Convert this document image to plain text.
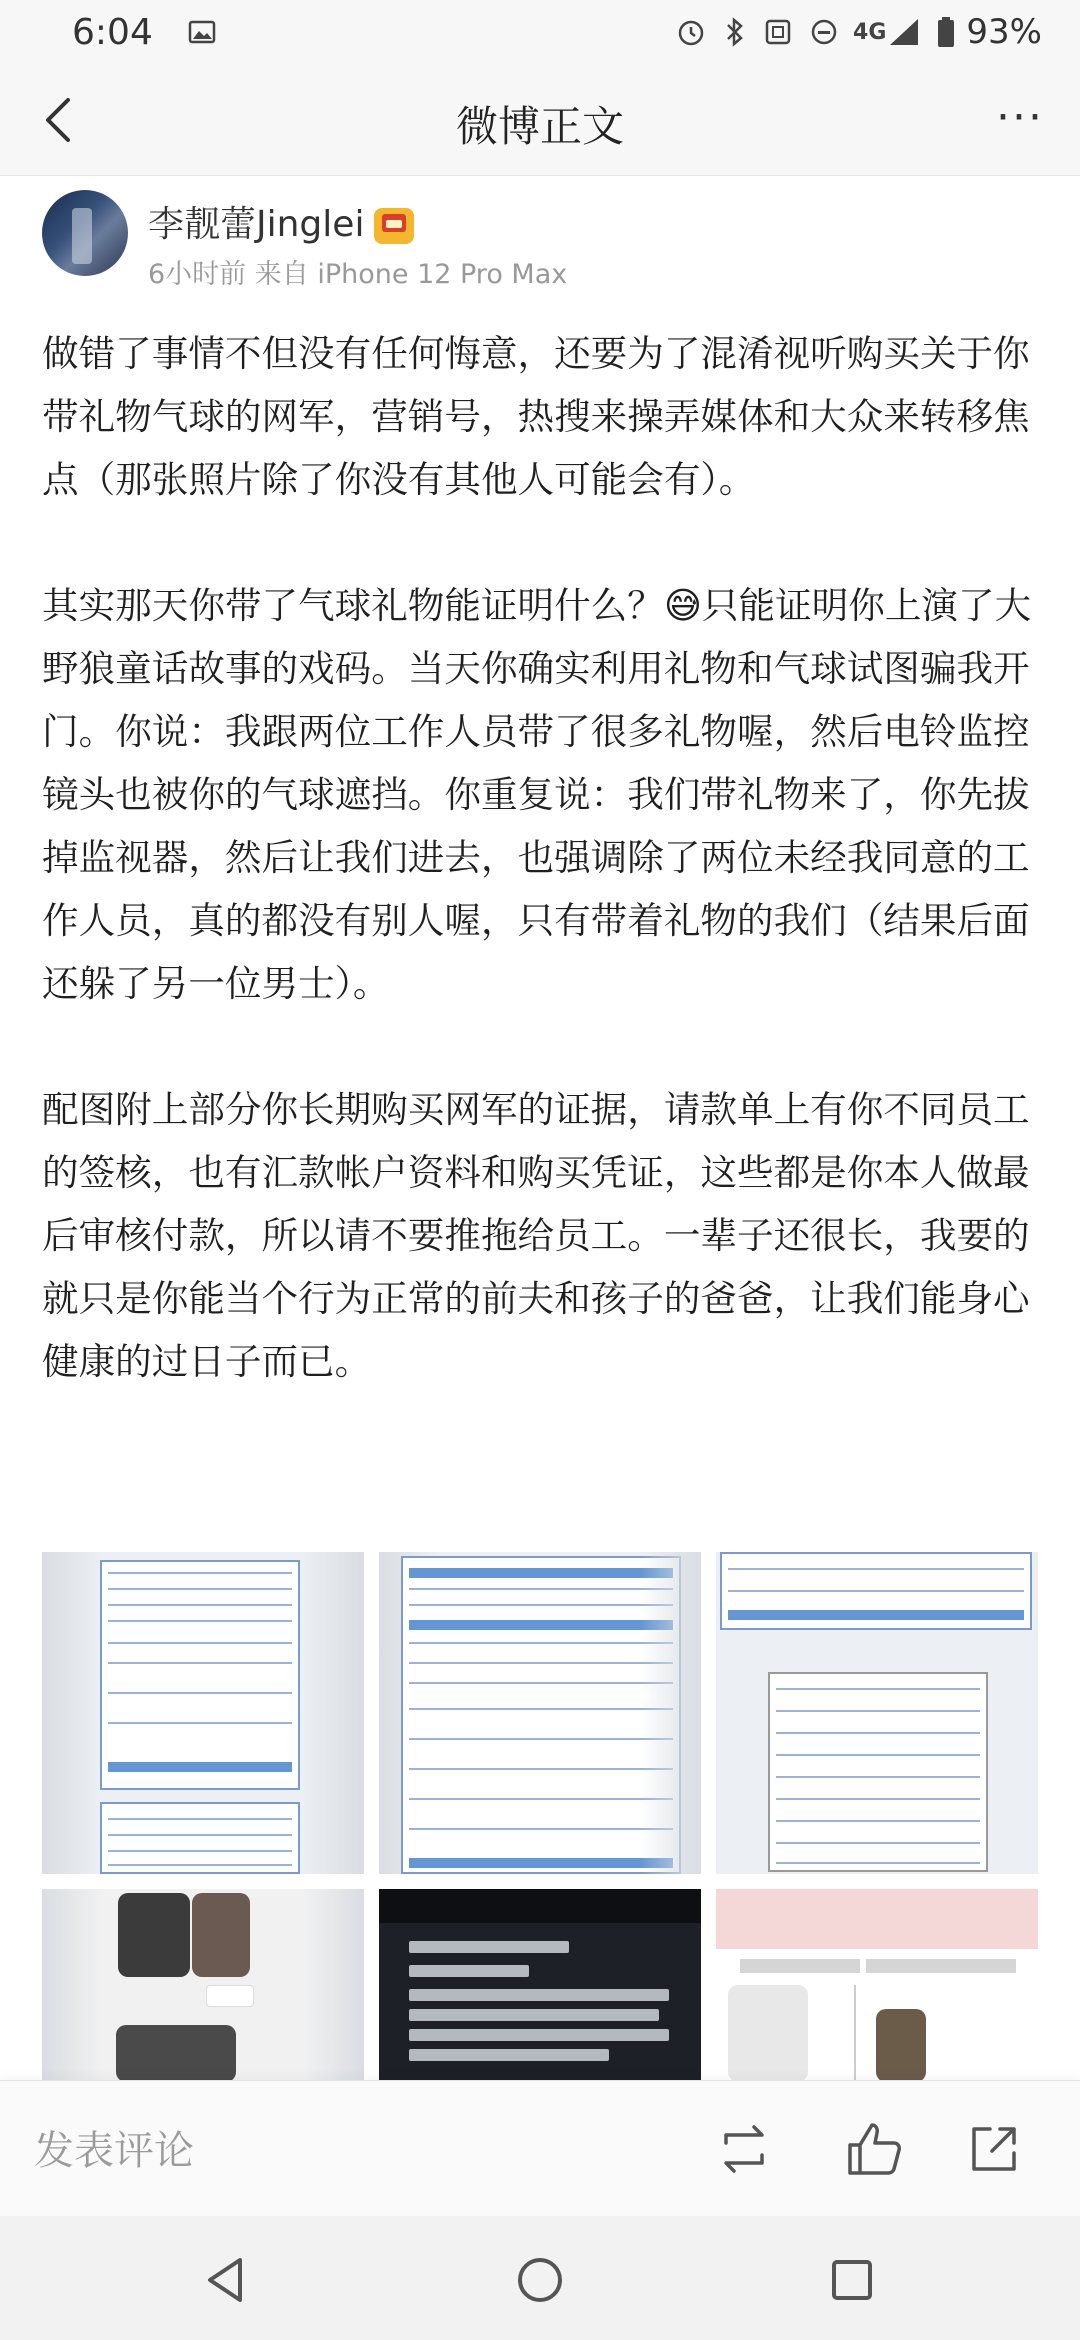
6:04	4G 93%
微博正文	···
李靓蕾Jinglei
6小时前 来自 iPhone 12 Pro Max

做错了事情不但没有任何悔意，还要为了混淆视听购买关于你带礼物气球的网军，营销号，热搜来操弄媒体和大众来转移焦点（那张照片除了你没有其他人可能会有）。

其实那天你带了气球礼物能证明什么？😅只能证明你上演了大野狼童话故事的戏码。当天你确实利用礼物和气球试图骗我开门。你说：我跟两位工作人员带了很多礼物喔，然后电铃监控镜头也被你的气球遮挡。你重复说：我们带礼物来了，你先拔掉监视器，然后让我们进去，也强调除了两位未经我同意的工作人员，真的都没有别人喔，只有带着礼物的我们（结果后面还躲了另一位男士）。

配图附上部分你长期购买网军的证据，请款单上有你不同员工的签核，也有汇款帐户资料和购买凭证，这些都是你本人做最后审核付款，所以请不要推拖给员工。一辈子还很长，我要的就只是你能当个行为正常的前夫和孩子的爸爸，让我们能身心健康的过日子而已。

发表评论
